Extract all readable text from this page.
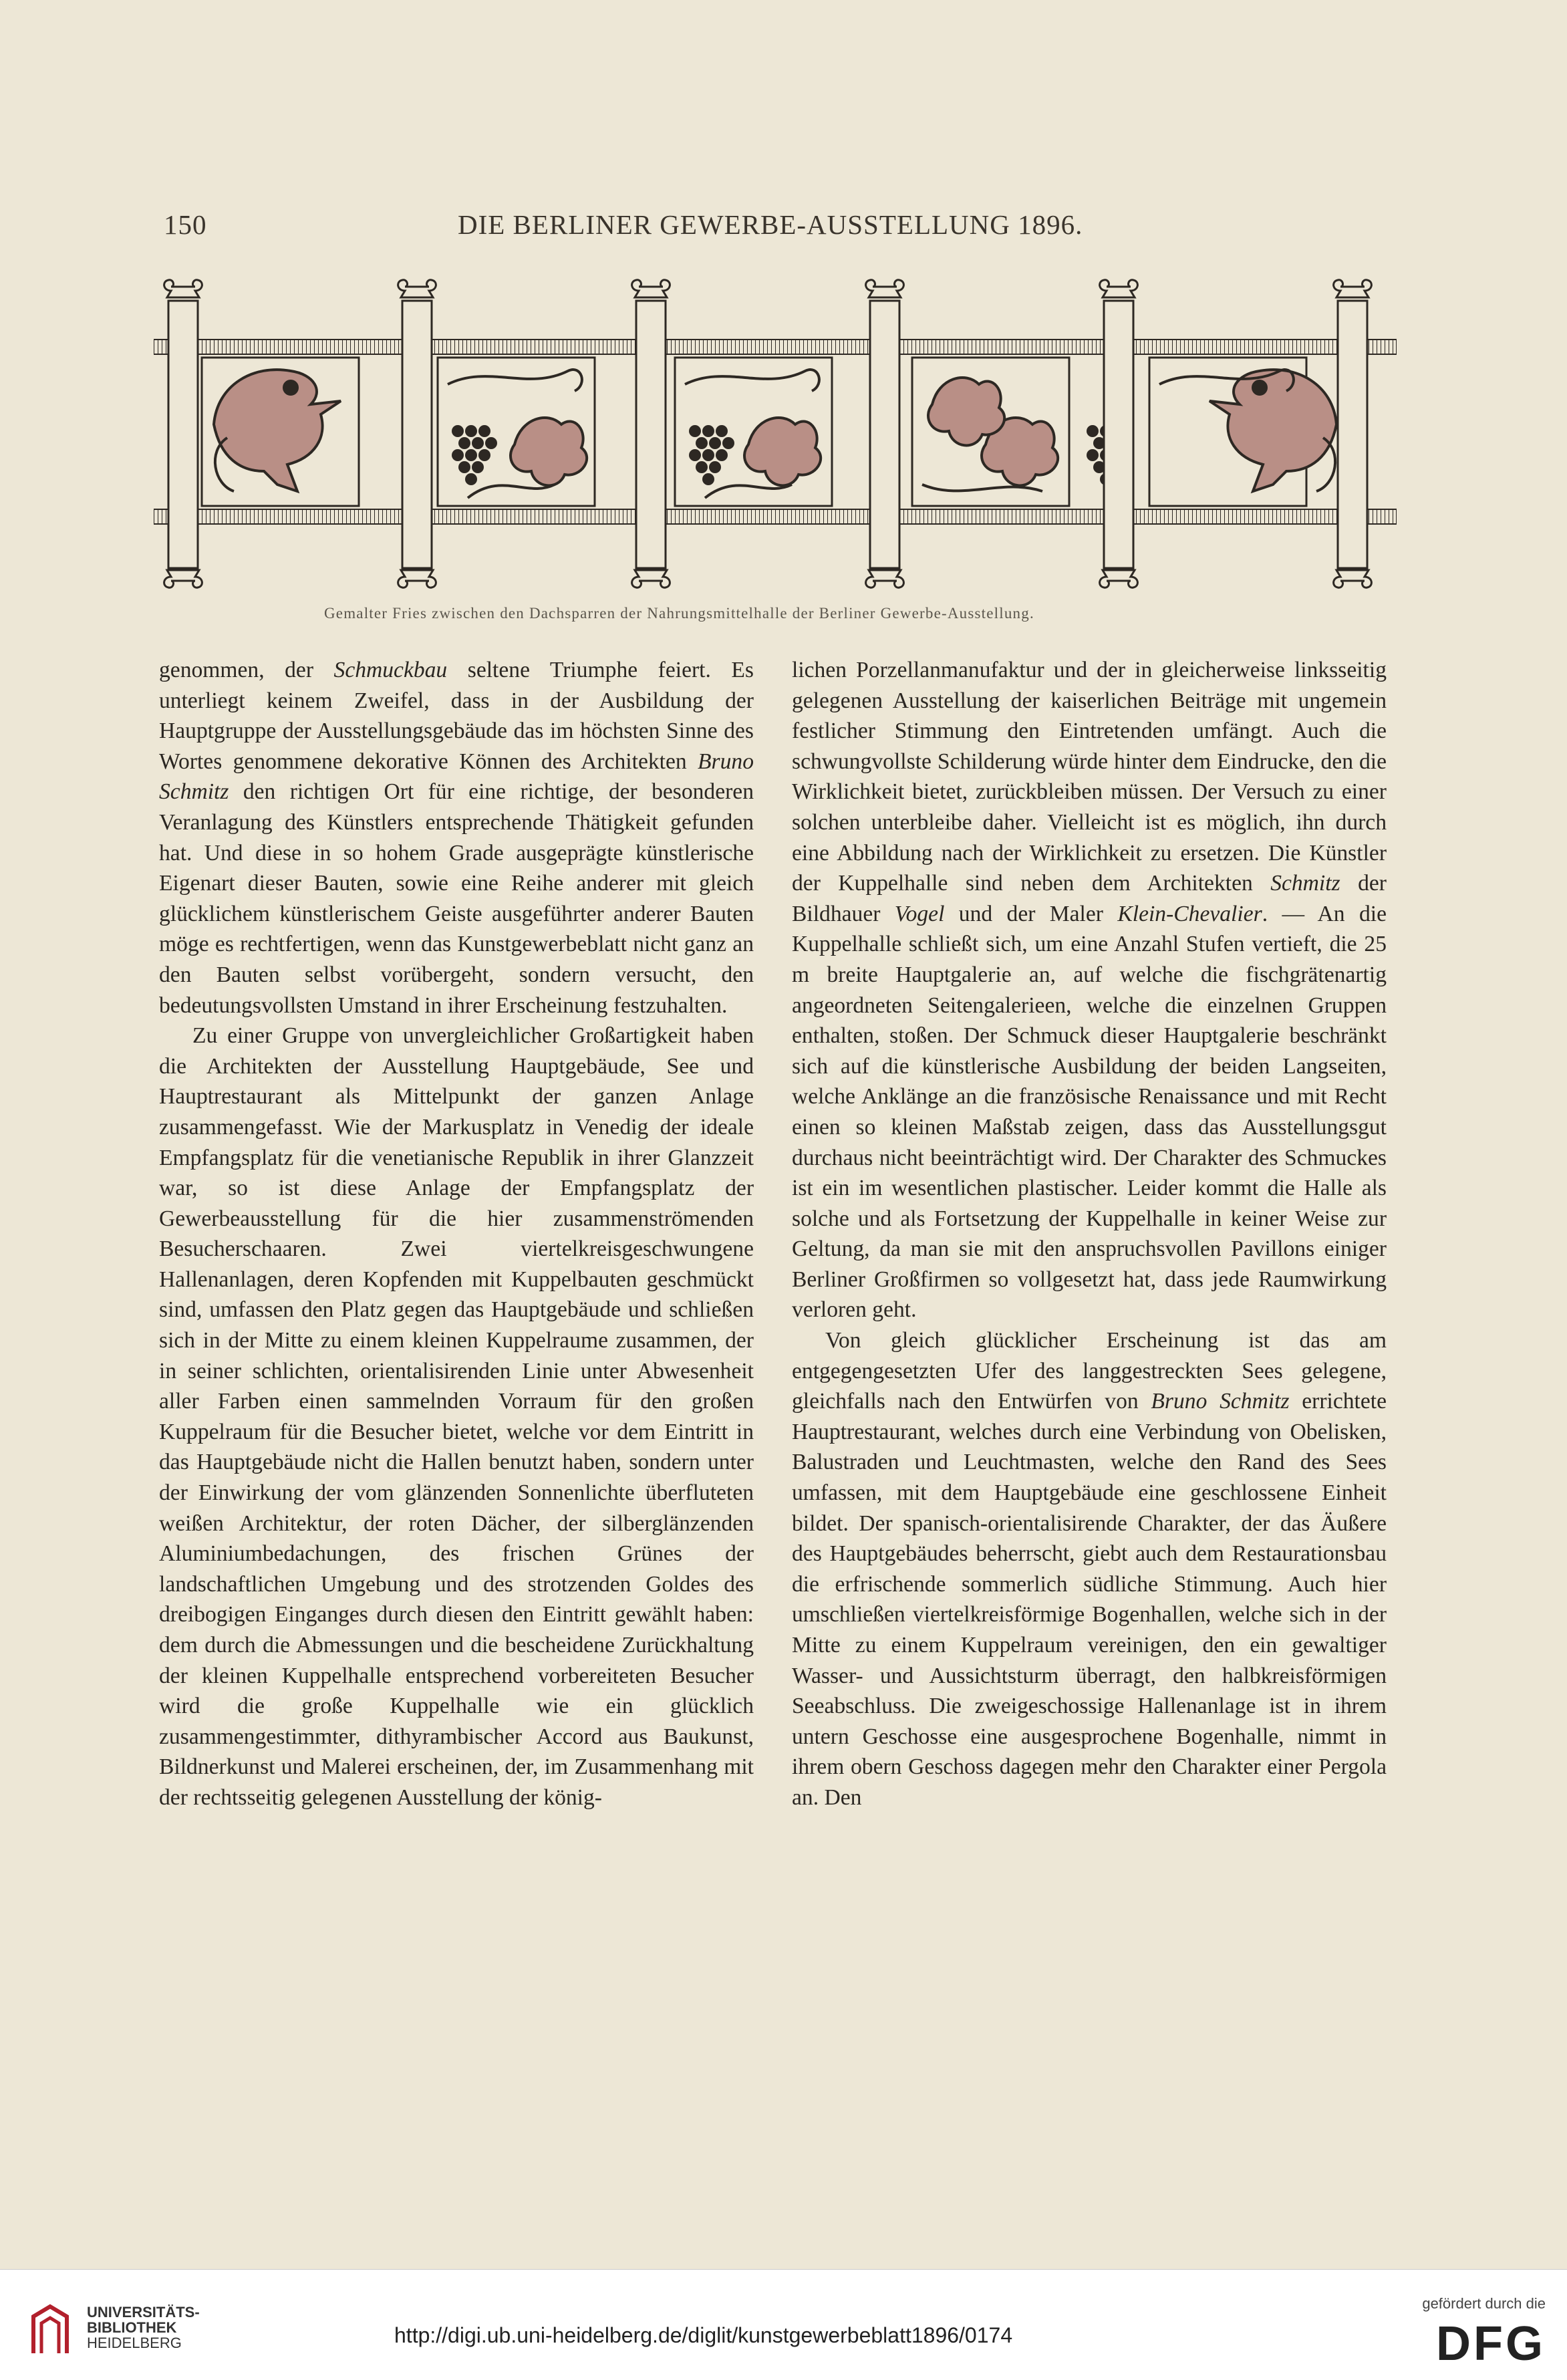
150	DIE BERLINER GEWERBE-AUSSTELLUNG 1896.
Gemalter Fries zwischen den Dachsparren der Nahrungsmittelhalle der Berliner Gewerbe-Ausstellung.

genommen, der Schmuckbau seltene Triumphe feiert. Es unterliegt keinem Zweifel, dass in der Ausbildung der Hauptgruppe der Ausstellungsgebäude das im höchsten Sinne des Wortes genommene dekorative Können des Architekten Bruno Schmitz den richtigen Ort für eine richtige, der besonderen Veranlagung des Künstlers entsprechende Thätigkeit gefunden hat. Und diese in so hohem Grade ausgeprägte künstlerische Eigenart dieser Bauten, sowie eine Reihe anderer mit gleich glücklichem künstlerischem Geiste ausgeführter anderer Bauten möge es rechtfertigen, wenn das Kunstgewerbeblatt nicht ganz an den Bauten selbst vorübergeht, sondern versucht, den bedeutungsvollsten Umstand in ihrer Erscheinung festzuhalten.

Zu einer Gruppe von unvergleichlicher Großartigkeit haben die Architekten der Ausstellung Hauptgebäude, See und Hauptrestaurant als Mittelpunkt der ganzen Anlage zusammengefasst. Wie der Markusplatz in Venedig der ideale Empfangsplatz für die venetianische Republik in ihrer Glanzzeit war, so ist diese Anlage der Empfangsplatz der Gewerbeausstellung für die hier zusammenströmenden Besucherschaaren. Zwei viertelkreisgeschwungene Hallenanlagen, deren Kopfenden mit Kuppelbauten geschmückt sind, umfassen den Platz gegen das Hauptgebäude und schließen sich in der Mitte zu einem kleinen Kuppelraume zusammen, der in seiner schlichten, orientalisirenden Linie unter Abwesenheit aller Farben einen sammelnden Vorraum für den großen Kuppelraum für die Besucher bietet, welche vor dem Eintritt in das Hauptgebäude nicht die Hallen benutzt haben, sondern unter der Einwirkung der vom glänzenden Sonnenlichte überfluteten weißen Architektur, der roten Dächer, der silberglänzenden Aluminiumbedachungen, des frischen Grünes der landschaftlichen Umgebung und des strotzenden Goldes des dreibogigen Einganges durch diesen den Eintritt gewählt haben: dem durch die Abmessungen und die bescheidene Zurückhaltung der kleinen Kuppelhalle entsprechend vorbereiteten Besucher wird die große Kuppelhalle wie ein glücklich zusammengestimmter, dithyrambischer Accord aus Baukunst, Bildnerkunst und Malerei erscheinen, der, im Zusammenhang mit der rechtsseitig gelegenen Ausstellung der könig-

lichen Porzellanmanufaktur und der in gleicherweise linksseitig gelegenen Ausstellung der kaiserlichen Beiträge mit ungemein festlicher Stimmung den Eintretenden umfängt. Auch die schwungvollste Schilderung würde hinter dem Eindrucke, den die Wirklichkeit bietet, zurückbleiben müssen. Der Versuch zu einer solchen unterbleibe daher. Vielleicht ist es möglich, ihn durch eine Abbildung nach der Wirklichkeit zu ersetzen. Die Künstler der Kuppelhalle sind neben dem Architekten Schmitz der Bildhauer Vogel und der Maler Klein-Chevalier. — An die Kuppelhalle schließt sich, um eine Anzahl Stufen vertieft, die 25 m breite Hauptgalerie an, auf welche die fischgrätenartig angeordneten Seitengalerieen, welche die einzelnen Gruppen enthalten, stoßen. Der Schmuck dieser Hauptgalerie beschränkt sich auf die künstlerische Ausbildung der beiden Langseiten, welche Anklänge an die französische Renaissance und mit Recht einen so kleinen Maßstab zeigen, dass das Ausstellungsgut durchaus nicht beeinträchtigt wird. Der Charakter des Schmuckes ist ein im wesentlichen plastischer. Leider kommt die Halle als solche und als Fortsetzung der Kuppelhalle in keiner Weise zur Geltung, da man sie mit den anspruchsvollen Pavillons einiger Berliner Großfirmen so vollgesetzt hat, dass jede Raumwirkung verloren geht.

Von gleich glücklicher Erscheinung ist das am entgegengesetzten Ufer des langgestreckten Sees gelegene, gleichfalls nach den Entwürfen von Bruno Schmitz errichtete Hauptrestaurant, welches durch eine Verbindung von Obelisken, Balustraden und Leuchtmasten, welche den Rand des Sees umfassen, mit dem Hauptgebäude eine geschlossene Einheit bildet. Der spanisch-orientalisirende Charakter, der das Äußere des Hauptgebäudes beherrscht, giebt auch dem Restaurationsbau die erfrischende sommerlich südliche Stimmung. Auch hier umschließen viertelkreisförmige Bogenhallen, welche sich in der Mitte zu einem Kuppelraum vereinigen, den ein gewaltiger Wasser- und Aussichtsturm überragt, den halbkreisförmigen Seeabschluss. Die zweigeschossige Hallenanlage ist in ihrem untern Geschosse eine ausgesprochene Bogenhalle, nimmt in ihrem obern Geschoss dagegen mehr den Charakter einer Pergola an. Den

UNIVERSITÄTS-
BIBLIOTHEK
HEIDELBERG	http://digi.ub.uni-heidelberg.de/diglit/kunstgewerbeblatt1896/0174
gefördert durch die
DFG
